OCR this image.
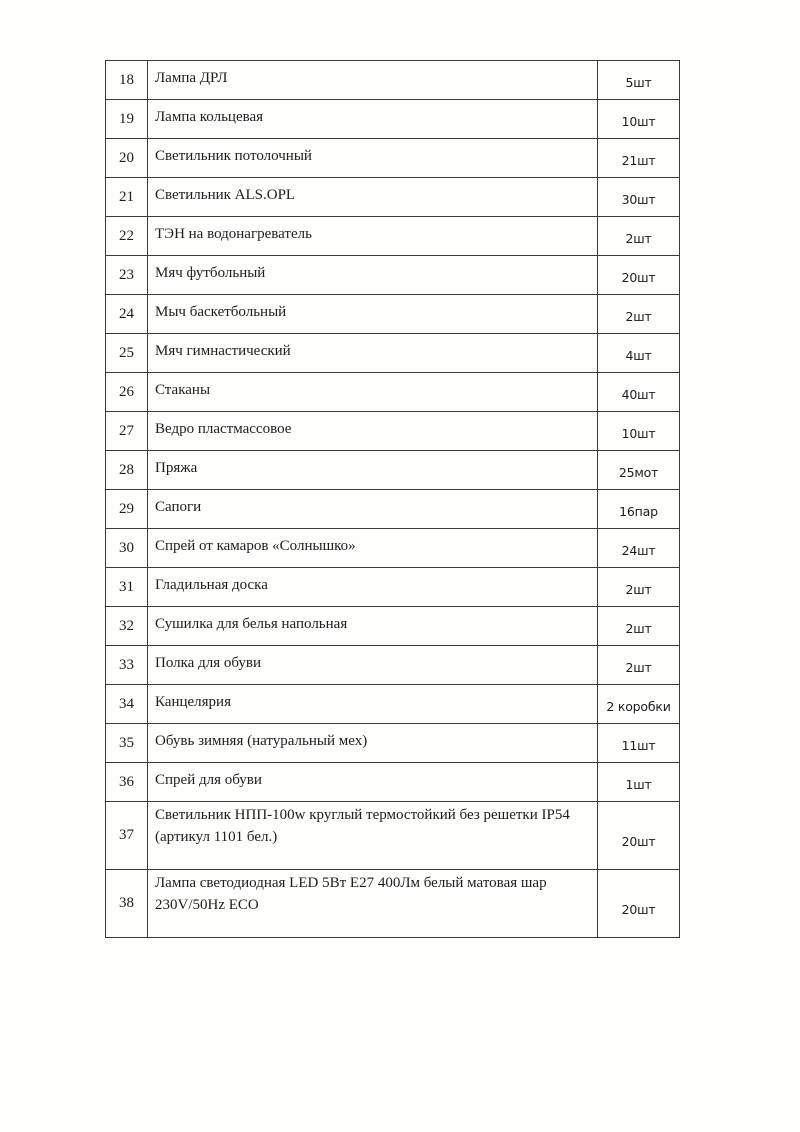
18	Лампа ДРЛ	5шт
19	Лампа кольцевая	10шт
20	Светильник потолочный	21шт
21	Светильник ALS.OPL	30шт
22	ТЭН на водонагреватель	2шт
23	Мяч футбольный	20шт
24	Мыч баскетбольный	2шт
25	Мяч гимнастический	4шт
26	Стаканы	40шт
27	Ведро пластмассовое	10шт
28	Пряжа	25мот
29	Сапоги	16пар
30	Спрей от камаров «Солнышко»	24шт
31	Гладильная доска	2шт
32	Сушилка для белья напольная	2шт
33	Полка для обуви	2шт
34	Канцелярия	2 коробки
35	Обувь зимняя (натуральный мех)	11шт
36	Спрей для обуви	1шт
37	Светильник НПП-100w круглый термостойкий без решетки IP54 (артикул 1101 бел.)	20шт
38	Лампа светодиодная LED 5Вт Е27 400Лм белый матовая шар 230V/50Hz ECO	20шт
